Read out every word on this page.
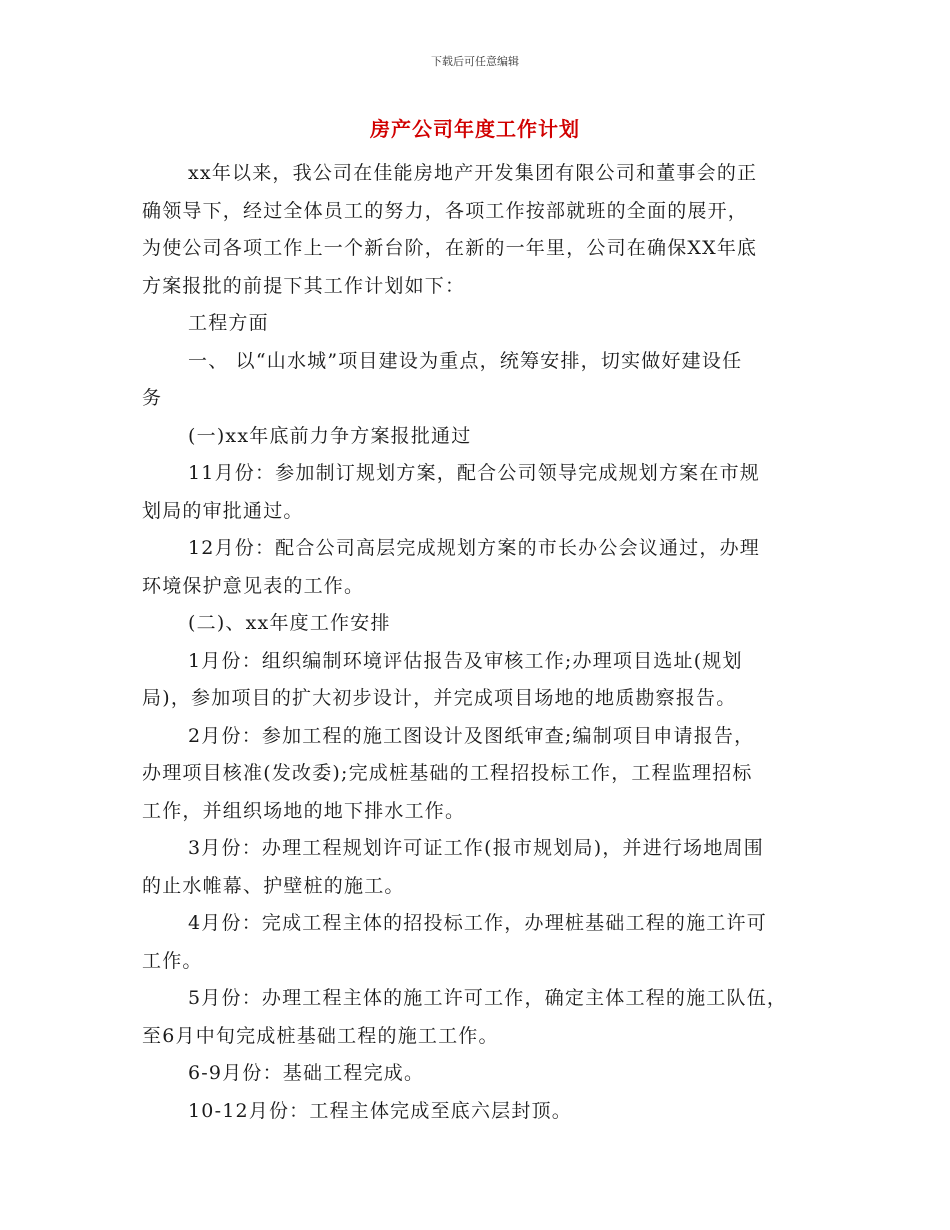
下载后可任意编辑
房产公司年度工作计划
xx年以来，我公司在佳能房地产开发集团有限公司和董事会的正
确领导下，经过全体员工的努力，各项工作按部就班的全面的展开，
为使公司各项工作上一个新台阶，在新的一年里，公司在确保XX年底
方案报批的前提下其工作计划如下：
工程方面
一、 以“山水城”项目建设为重点，统筹安排，切实做好建设任
务
(一)xx年底前力争方案报批通过
11月份：参加制订规划方案，配合公司领导完成规划方案在市规
划局的审批通过。
12月份：配合公司高层完成规划方案的市长办公会议通过，办理
环境保护意见表的工作。
(二)、xx年度工作安排
1月份：组织编制环境评估报告及审核工作;办理项目选址(规划
局)，参加项目的扩大初步设计，并完成项目场地的地质勘察报告。
2月份：参加工程的施工图设计及图纸审查;编制项目申请报告，
办理项目核准(发改委);完成桩基础的工程招投标工作，工程监理招标
工作，并组织场地的地下排水工作。
3月份：办理工程规划许可证工作(报市规划局)，并进行场地周围
的止水帷幕、护壁桩的施工。
4月份：完成工程主体的招投标工作，办理桩基础工程的施工许可
工作。
5月份：办理工程主体的施工许可工作，确定主体工程的施工队伍，
至6月中旬完成桩基础工程的施工工作。
6-9月份：基础工程完成。
10-12月份：工程主体完成至底六层封顶。
